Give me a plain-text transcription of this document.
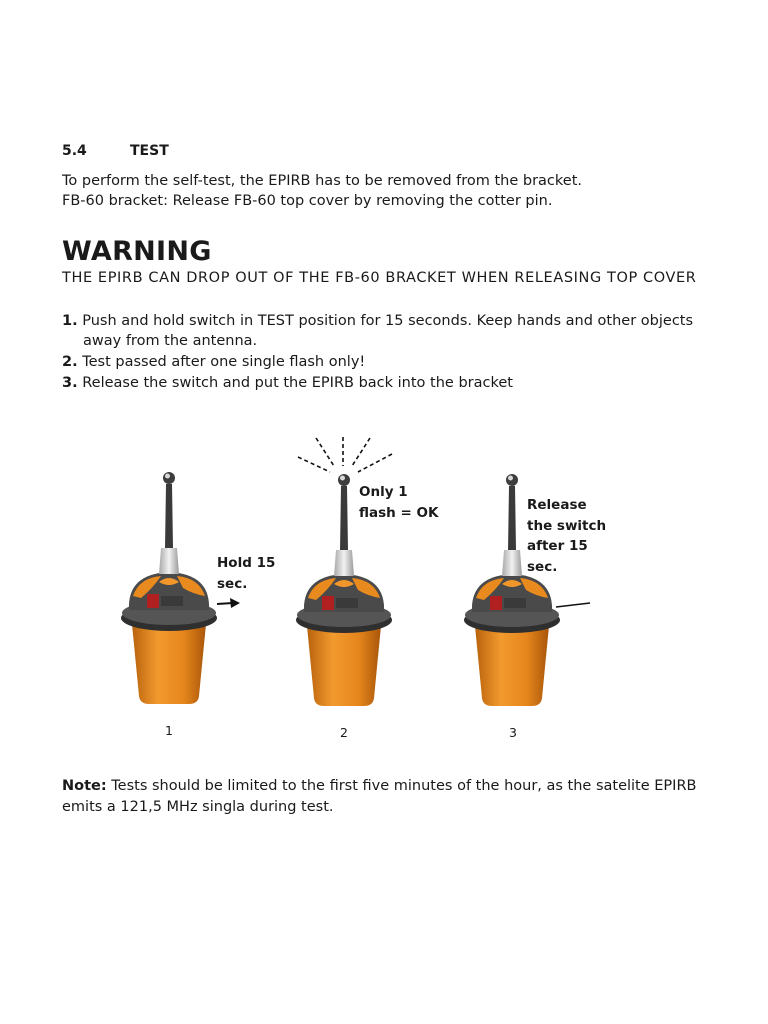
5.4	TEST
To perform the self-test, the EPIRB has to be removed from the bracket.
FB-60 bracket: Release FB-60 top cover by removing the cotter pin.
WARNING
THE EPIRB CAN DROP OUT OF THE FB-60 BRACKET WHEN RELEASING TOP COVER
1. Push and hold switch in TEST position for 15 seconds. Keep hands and other objects
away from the antenna.
2. Test passed after one single flash only!
3. Release the switch and put the EPIRB back into the bracket
Hold 15
sec.
Only 1
flash = OK	Release
the switch
after 15
sec.
1	2	3
Note: Tests should be limited to the first five minutes of the hour, as the satelite EPIRB
emits a 121,5 MHz singla during test.
